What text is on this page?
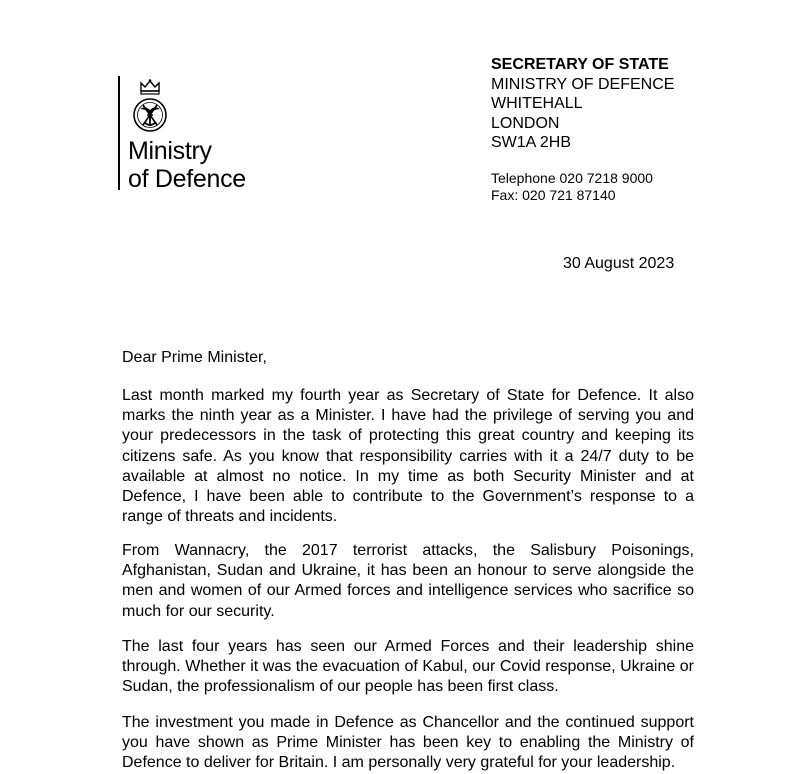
Ministry
of Defence
SECRETARY OF STATE
MINISTRY OF DEFENCE
WHITEHALL
LONDON
SW1A 2HB
Telephone 020 7218 9000
Fax: 020 721 87140
30 August 2023
Dear Prime Minister,
Last month marked my fourth year as Secretary of State for Defence. It also marks the ninth year as a Minister. I have had the privilege of serving you and your predecessors in the task of protecting this great country and keeping its citizens safe. As you know that responsibility carries with it a 24/7 duty to be available at almost no notice. In my time as both Security Minister and at Defence, I have been able to contribute to the Government’s response to a range of threats and incidents.
From Wannacry, the 2017 terrorist attacks, the Salisbury Poisonings, Afghanistan, Sudan and Ukraine, it has been an honour to serve alongside the men and women of our Armed forces and intelligence services who sacrifice so much for our security.
The last four years has seen our Armed Forces and their leadership shine through. Whether it was the evacuation of Kabul, our Covid response, Ukraine or Sudan, the professionalism of our people has been first class.
The investment you made in Defence as Chancellor and the continued support you have shown as Prime Minister has been key to enabling the Ministry of Defence to deliver for Britain. I am personally very grateful for your leadership.
